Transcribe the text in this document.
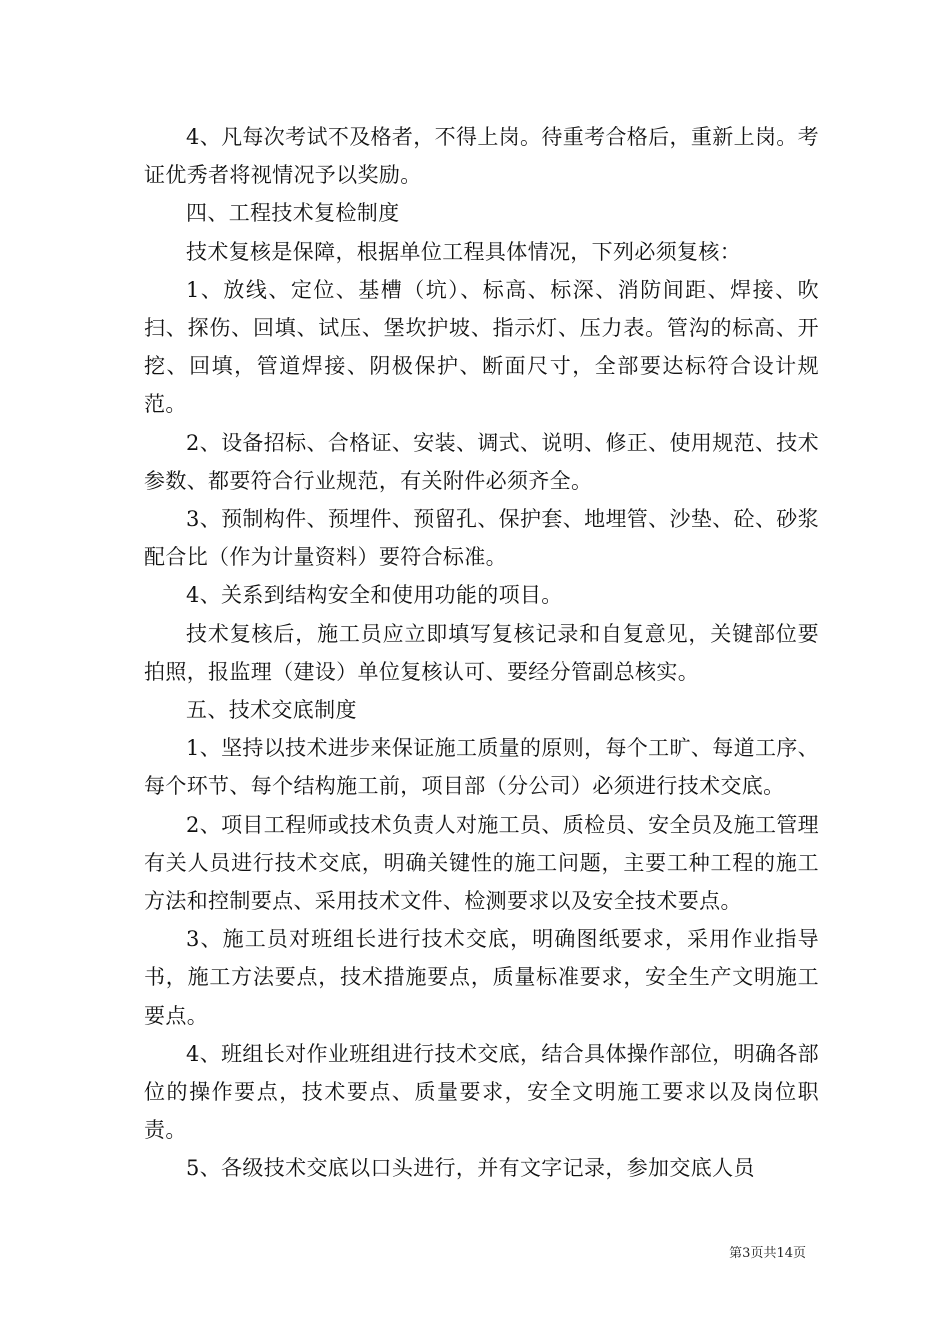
4、凡每次考试不及格者，不得上岗。待重考合格后，重新上岗。考证优秀者将视情况予以奖励。

四、工程技术复检制度

技术复核是保障，根据单位工程具体情况，下列必须复核：

1、放线、定位、基槽（坑）、标高、标深、消防间距、焊接、吹扫、探伤、回填、试压、堡坎护坡、指示灯、压力表。管沟的标高、开挖、回填，管道焊接、阴极保护、断面尺寸，全部要达标符合设计规范。

2、设备招标、合格证、安装、调式、说明、修正、使用规范、技术参数、都要符合行业规范，有关附件必须齐全。

3、预制构件、预埋件、预留孔、保护套、地埋管、沙垫、砼、砂浆配合比（作为计量资料）要符合标准。

4、关系到结构安全和使用功能的项目。

技术复核后，施工员应立即填写复核记录和自复意见，关键部位要拍照，报监理（建设）单位复核认可、要经分管副总核实。

五、技术交底制度

1、坚持以技术进步来保证施工质量的原则，每个工旷、每道工序、每个环节、每个结构施工前，项目部（分公司）必须进行技术交底。

2、项目工程师或技术负责人对施工员、质检员、安全员及施工管理有关人员进行技术交底，明确关键性的施工问题，主要工种工程的施工方法和控制要点、采用技术文件、检测要求以及安全技术要点。

3、施工员对班组长进行技术交底，明确图纸要求，采用作业指导书，施工方法要点，技术措施要点，质量标准要求，安全生产文明施工要点。

4、班组长对作业班组进行技术交底，结合具体操作部位，明确各部位的操作要点，技术要点、质量要求，安全文明施工要求以及岗位职责。

5、各级技术交底以口头进行，并有文字记录，参加交底人员

第3页共14页
